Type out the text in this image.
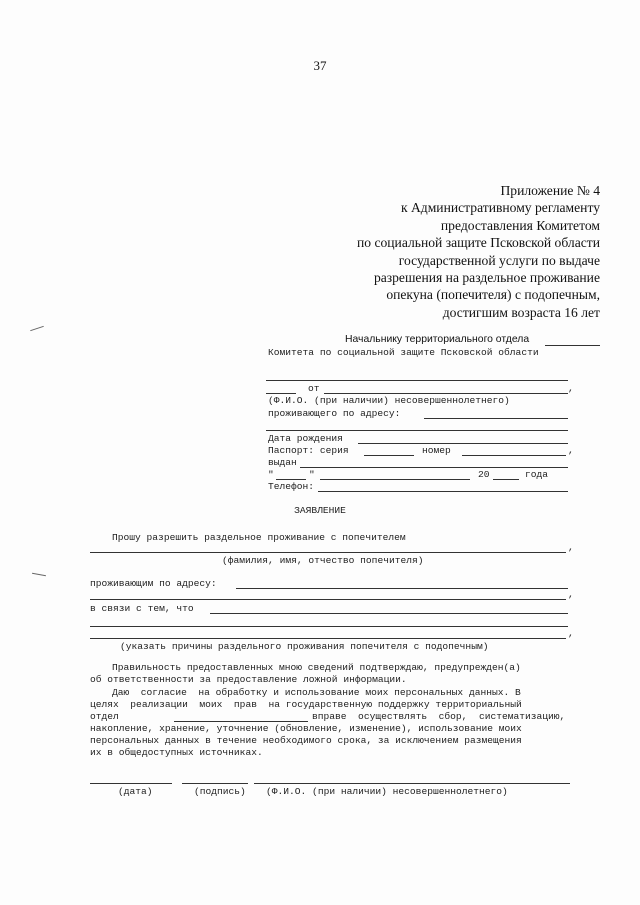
37
Приложение № 4
к Административному регламенту
предоставления Комитетом
по социальной защите Псковской области
государственной услуги по выдаче
разрешения на раздельное проживание
опекуна (попечителя) с подопечным,
достигшим возраста 16 лет
Начальнику территориального отдела
Комитета по социальной защите Псковской области
от	,
(Ф.И.О. (при наличии) несовершеннолетнего)
проживающего по адресу:
Дата рождения
Паспорт: серия	номер	,
выдан
"	"	20	года
Телефон:
ЗАЯВЛЕНИЕ
Прошу разрешить раздельное проживание с попечителем
,
(фамилия, имя, отчество попечителя)
проживающим по адресу:
,
в связи с тем, что
,
(указать причины раздельного проживания попечителя с подопечным)
Правильность предоставленных мною сведений подтверждаю, предупрежден(а)
об ответственности за предоставление ложной информации.
Даю  согласие  на обработку и использование моих персональных данных. В
целях  реализации  моих  прав  на государственную поддержку территориальный
отдел	вправе  осуществлять  сбор,  систематизацию,
накопление, хранение, уточнение (обновление, изменение), использование моих
персональных данных в течение необходимого срока, за исключением размещения
их в общедоступных источниках.
(дата)	(подпись) (Ф.И.О. (при наличии) несовершеннолетнего)
